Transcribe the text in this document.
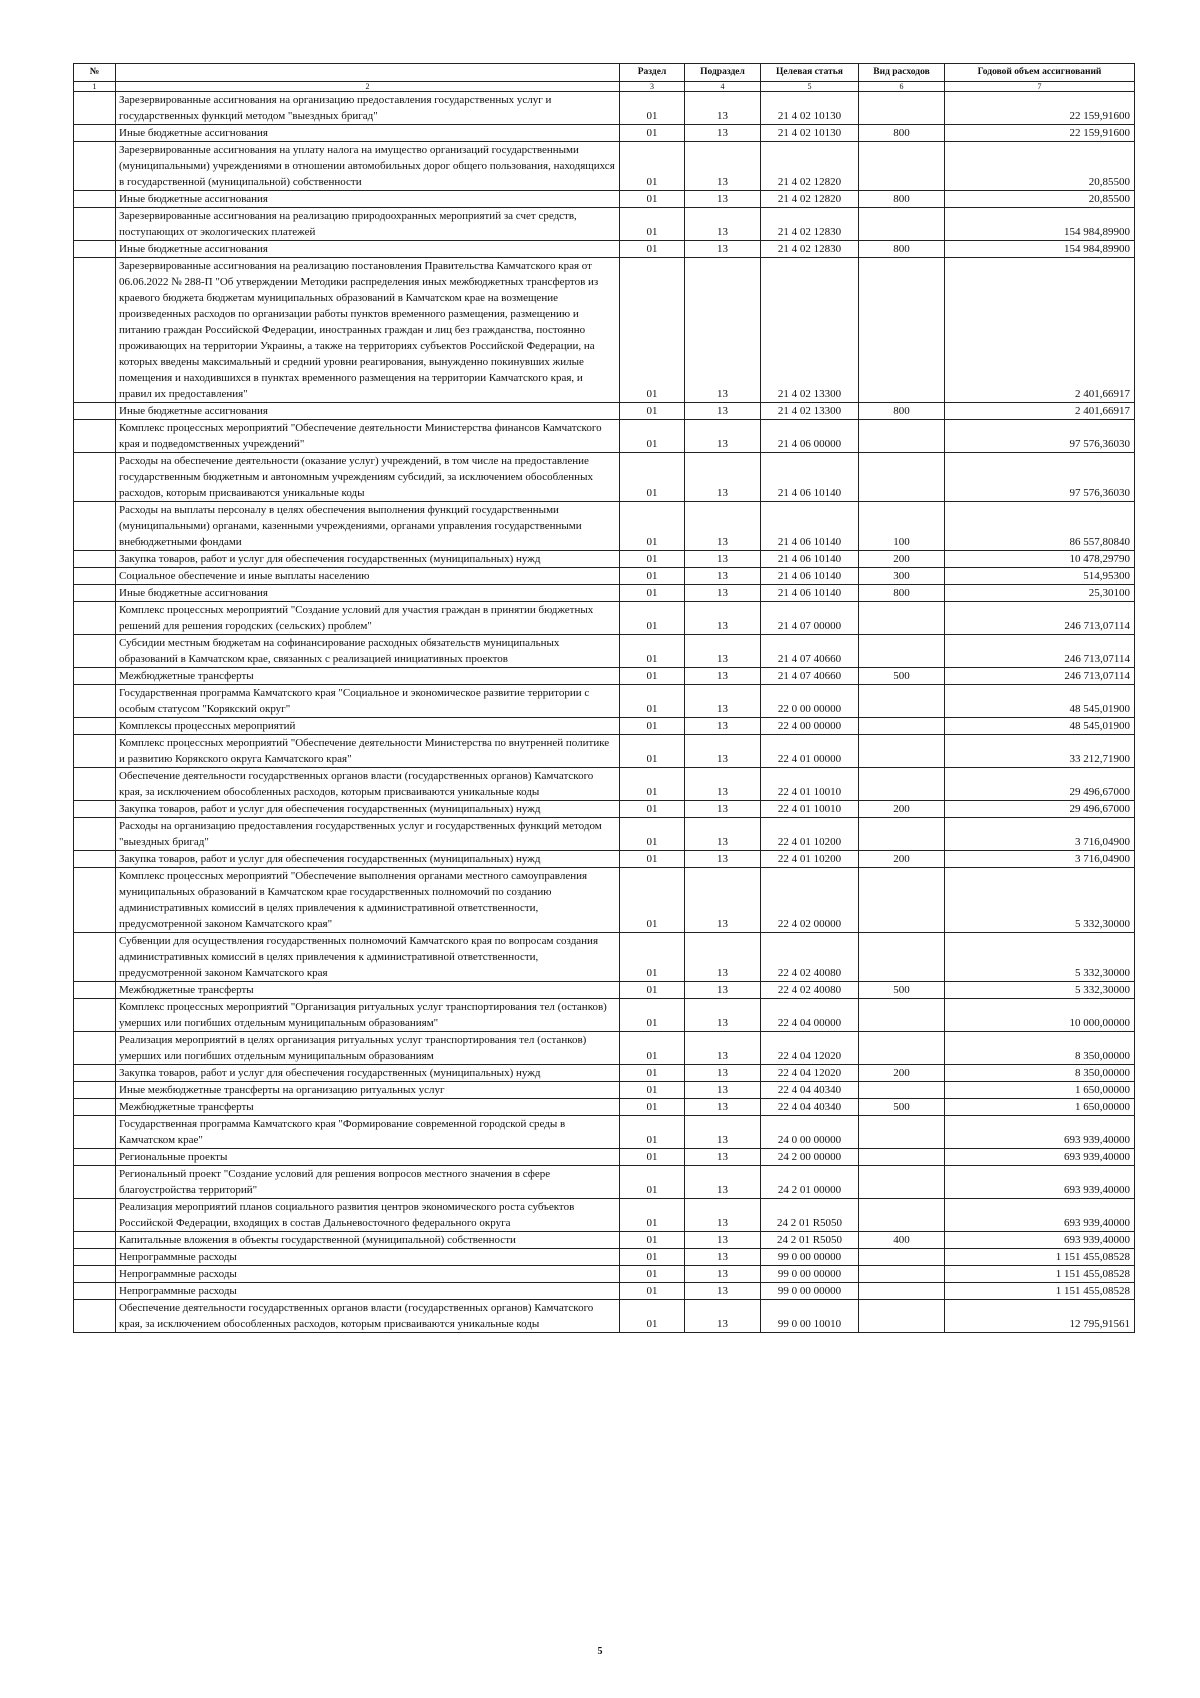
№		Раздел	Подраздел	Целевая статья	Вид расходов	Годовой объем ассигнований
1	2	3	4	5	6	7
	Зарезервированные ассигнования на организацию предоставления государственных услуг и государственных функций методом "выездных бригад"	01	13	21 4 02 10130		22 159,91600
	Иные бюджетные ассигнования	01	13	21 4 02 10130	800	22 159,91600
	Зарезервированные ассигнования на уплату налога на имущество организаций государственными (муниципальными) учреждениями в отношении автомобильных дорог общего пользования, находящихся в государственной (муниципальной) собственности	01	13	21 4 02 12820		20,85500
	Иные бюджетные ассигнования	01	13	21 4 02 12820	800	20,85500
	Зарезервированные ассигнования на реализацию природоохранных мероприятий за счет средств, поступающих от экологических платежей	01	13	21 4 02 12830		154 984,89900
	Иные бюджетные ассигнования	01	13	21 4 02 12830	800	154 984,89900
	Зарезервированные ассигнования на реализацию постановления Правительства Камчатского края от 06.06.2022 № 288-П "Об утверждении Методики распределения иных межбюджетных трансфертов из краевого бюджета бюджетам муниципальных образований в Камчатском крае на возмещение произведенных расходов по организации работы пунктов временного размещения, размещению и питанию граждан Российской Федерации, иностранных граждан и лиц без гражданства, постоянно проживающих на территории Украины, а также на территориях субъектов Российской Федерации, на которых введены максимальный и средний уровни реагирования, вынужденно покинувших жилые помещения и находившихся в пунктах временного размещения на территории Камчатского края, и правил их предоставления"	01	13	21 4 02 13300		2 401,66917
	Иные бюджетные ассигнования	01	13	21 4 02 13300	800	2 401,66917
	Комплекс процессных мероприятий "Обеспечение деятельности Министерства финансов Камчатского края и подведомственных учреждений"	01	13	21 4 06 00000		97 576,36030
	Расходы на обеспечение деятельности (оказание услуг) учреждений, в том числе на предоставление государственным бюджетным и автономным учреждениям субсидий, за исключением обособленных расходов, которым присваиваются уникальные коды	01	13	21 4 06 10140		97 576,36030
	Расходы на выплаты персоналу в целях обеспечения выполнения функций государственными (муниципальными) органами, казенными учреждениями, органами управления государственными внебюджетными фондами	01	13	21 4 06 10140	100	86 557,80840
	Закупка товаров, работ и услуг для обеспечения государственных (муниципальных) нужд	01	13	21 4 06 10140	200	10 478,29790
	Социальное обеспечение и иные выплаты населению	01	13	21 4 06 10140	300	514,95300
	Иные бюджетные ассигнования	01	13	21 4 06 10140	800	25,30100
	Комплекс процессных мероприятий "Создание условий для участия граждан в принятии бюджетных решений для решения городских (сельских) проблем"	01	13	21 4 07 00000		246 713,07114
	Субсидии местным бюджетам на софинансирование расходных обязательств муниципальных образований в Камчатском крае, связанных с реализацией инициативных проектов	01	13	21 4 07 40660		246 713,07114
	Межбюджетные трансферты	01	13	21 4 07 40660	500	246 713,07114
	Государственная программа Камчатского края "Социальное и экономическое развитие территории с особым статусом "Корякский округ"	01	13	22 0 00 00000		48 545,01900
	Комплексы процессных мероприятий	01	13	22 4 00 00000		48 545,01900
	Комплекс процессных мероприятий "Обеспечение деятельности Министерства по внутренней политике и развитию Корякского округа Камчатского края"	01	13	22 4 01 00000		33 212,71900
	Обеспечение деятельности государственных органов власти (государственных органов) Камчатского края, за исключением обособленных расходов, которым присваиваются уникальные коды	01	13	22 4 01 10010		29 496,67000
	Закупка товаров, работ и услуг для обеспечения государственных (муниципальных) нужд	01	13	22 4 01 10010	200	29 496,67000
	Расходы на организацию предоставления государственных услуг и государственных функций методом "выездных бригад"	01	13	22 4 01 10200		3 716,04900
	Закупка товаров, работ и услуг для обеспечения государственных (муниципальных) нужд	01	13	22 4 01 10200	200	3 716,04900
	Комплекс процессных мероприятий "Обеспечение выполнения органами местного самоуправления муниципальных образований в Камчатском крае государственных полномочий по созданию административных комиссий в целях привлечения к административной ответственности, предусмотренной законом Камчатского края"	01	13	22 4 02 00000		5 332,30000
	Субвенции для осуществления государственных полномочий Камчатского края по вопросам создания административных комиссий в целях привлечения к административной ответственности, предусмотренной законом Камчатского края	01	13	22 4 02 40080		5 332,30000
	Межбюджетные трансферты	01	13	22 4 02 40080	500	5 332,30000
	Комплекс процессных мероприятий "Организация ритуальных услуг транспортирования тел (останков) умерших или погибших отдельным муниципальным образованиям"	01	13	22 4 04 00000		10 000,00000
	Реализация мероприятий в целях организация ритуальных услуг транспортирования тел (останков) умерших или погибших отдельным муниципальным образованиям	01	13	22 4 04 12020		8 350,00000
	Закупка товаров, работ и услуг для обеспечения государственных (муниципальных) нужд	01	13	22 4 04 12020	200	8 350,00000
	Иные межбюджетные трансферты на организацию ритуальных услуг	01	13	22 4 04 40340		1 650,00000
	Межбюджетные трансферты	01	13	22 4 04 40340	500	1 650,00000
	Государственная программа Камчатского края "Формирование современной городской среды в Камчатском крае"	01	13	24 0 00 00000		693 939,40000
	Региональные проекты	01	13	24 2 00 00000		693 939,40000
	Региональный проект "Создание условий для решения вопросов местного значения в сфере благоустройства территорий"	01	13	24 2 01 00000		693 939,40000
	Реализация мероприятий планов социального развития центров экономического роста субъектов Российской Федерации, входящих в состав Дальневосточного федерального округа	01	13	24 2 01 R5050		693 939,40000
	Капитальные вложения в объекты государственной (муниципальной) собственности	01	13	24 2 01 R5050	400	693 939,40000
	Непрограммные расходы	01	13	99 0 00 00000		1 151 455,08528
	Непрограммные расходы	01	13	99 0 00 00000		1 151 455,08528
	Непрограммные расходы	01	13	99 0 00 00000		1 151 455,08528
	Обеспечение деятельности государственных органов власти (государственных органов) Камчатского края, за исключением обособленных расходов, которым присваиваются уникальные коды	01	13	99 0 00 10010		12 795,91561
5
